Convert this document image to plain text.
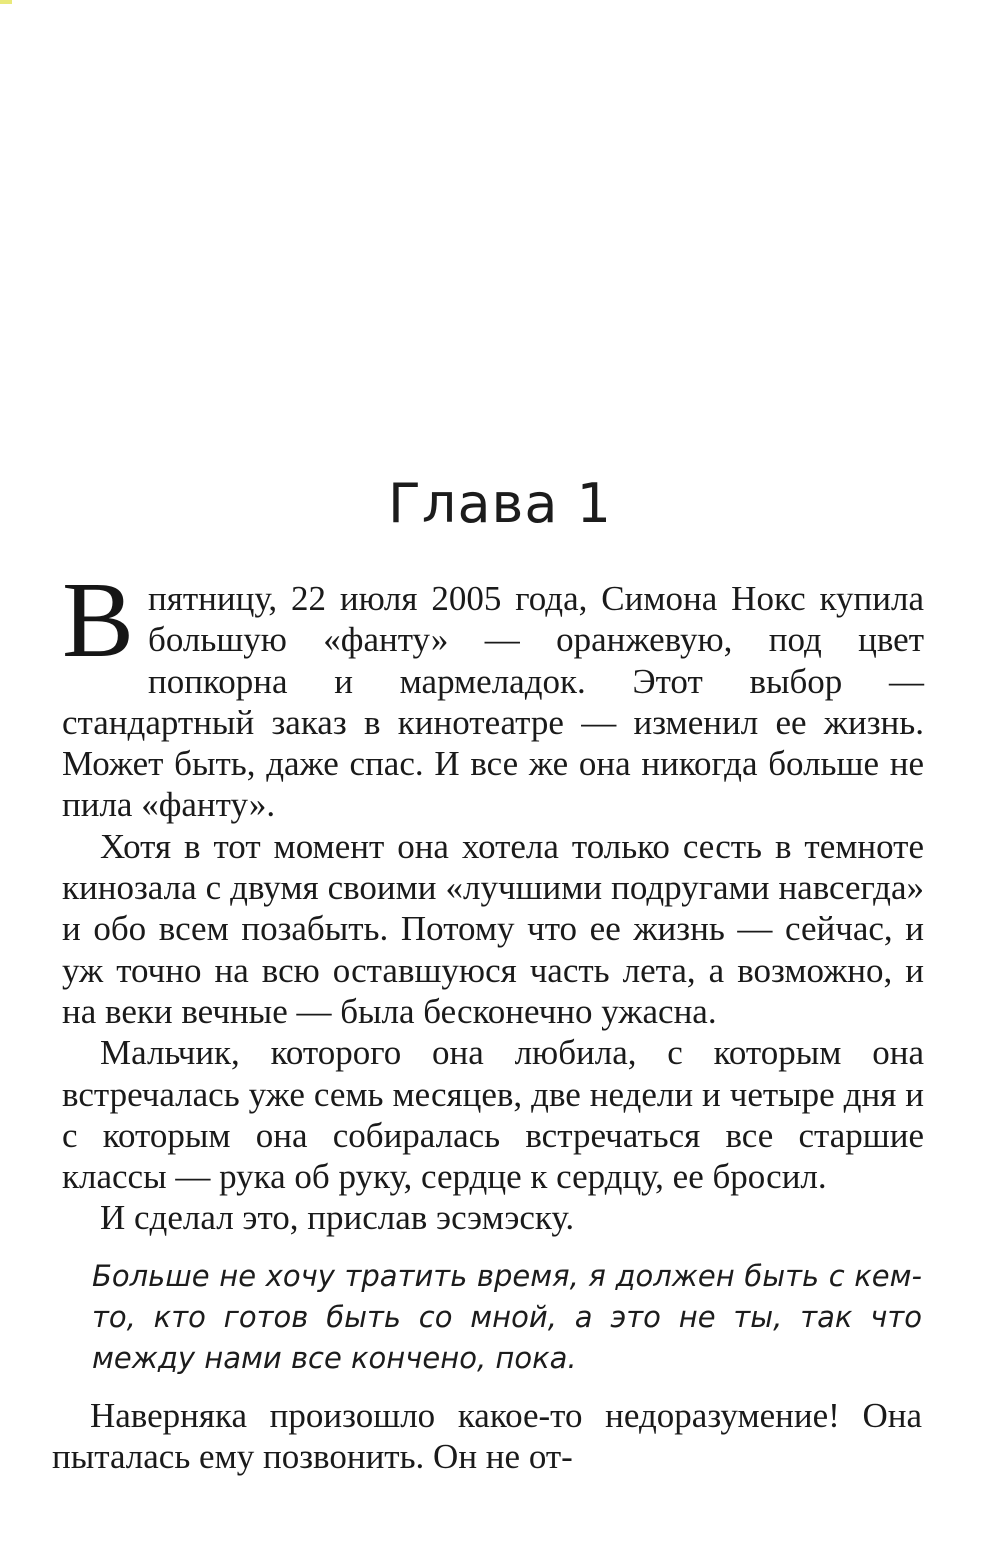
Глава 1

Впятницу, 22 июля 2005 года, Симона Нокс купила большую «фанту» — оранжевую, под цвет попкорна и мармеладок. Этот выбор — стандартный заказ в кинотеатре — изменил ее жизнь. Может быть, даже спас. И все же она никогда больше не пила «фанту».

Хотя в тот момент она хотела только сесть в темноте кинозала с двумя своими «лучшими подругами навсегда» и обо всем позабыть. Потому что ее жизнь — сейчас, и уж точно на всю оставшуюся часть лета, а возможно, и на веки вечные — была бесконечно ужасна.

Мальчик, которого она любила, с которым она встречалась уже семь месяцев, две недели и четыре дня и с которым она собиралась встречаться все старшие классы — рука об руку, сердце к сердцу, ее бросил.

И сделал это, прислав эсэмэску.

Больше не хочу тратить время, я должен быть с кем-то, кто готов быть со мной, а это не ты, так что между нами все кончено, пока.

Наверняка произошло какое-то недоразумение! Она пыталась ему позвонить. Он не от-
